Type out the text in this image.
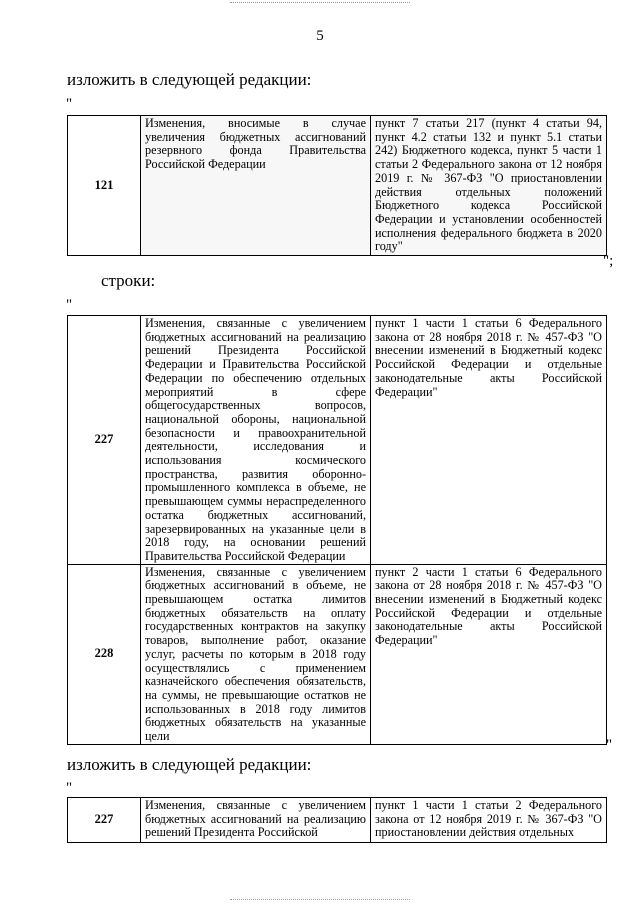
5
изложить в следующей редакции:
"
121	Изменения, вносимые в случае увеличения бюджетных ассигнований резервного фонда Правительства Российской Федерации	пункт 7 статьи 217 (пункт 4 статьи 94, пункт 4.2 статьи 132 и пункт 5.1 статьи 242) Бюджетного кодекса, пункт 5 части 1 статьи 2 Федерального закона от 12 ноября 2019 г. № 367-ФЗ "О приостановлении действия отдельных положений Бюджетного кодекса Российской Федерации и установлении особенностей исполнения федерального бюджета в 2020 году"
";
строки:
"
227	Изменения, связанные с увеличением бюджетных ассигнований на реализацию решений Президента Российской Федерации и Правительства Российской Федерации по обеспечению отдельных мероприятий в сфере общегосударственных вопросов, национальной обороны, национальной безопасности и правоохранительной деятельности, исследования и использования космического пространства, развития оборонно-промышленного комплекса в объеме, не превышающем суммы нераспределенного остатка бюджетных ассигнований, зарезервированных на указанные цели в 2018 году, на основании решений Правительства Российской Федерации	пункт 1 части 1 статьи 6 Федерального закона от 28 ноября 2018 г. № 457-ФЗ "О внесении изменений в Бюджетный кодекс Российской Федерации и отдельные законодательные акты Российской Федерации"
228	Изменения, связанные с увеличением бюджетных ассигнований в объеме, не превышающем остатка лимитов бюджетных обязательств на оплату государственных контрактов на закупку товаров, выполнение работ, оказание услуг, расчеты по которым в 2018 году осуществлялись с применением казначейского обеспечения обязательств, на суммы, не превышающие остатков не использованных в 2018 году лимитов бюджетных обязательств на указанные цели	пункт 2 части 1 статьи 6 Федерального закона от 28 ноября 2018 г. № 457-ФЗ "О внесении изменений в Бюджетный кодекс Российской Федерации и отдельные законодательные акты Российской Федерации"
"
изложить в следующей редакции:
"
227	Изменения, связанные с увеличением бюджетных ассигнований на реализацию решений Президента Российской	пункт 1 части 1 статьи 2 Федерального закона от 12 ноября 2019 г. № 367-ФЗ "О приостановлении действия отдельных
